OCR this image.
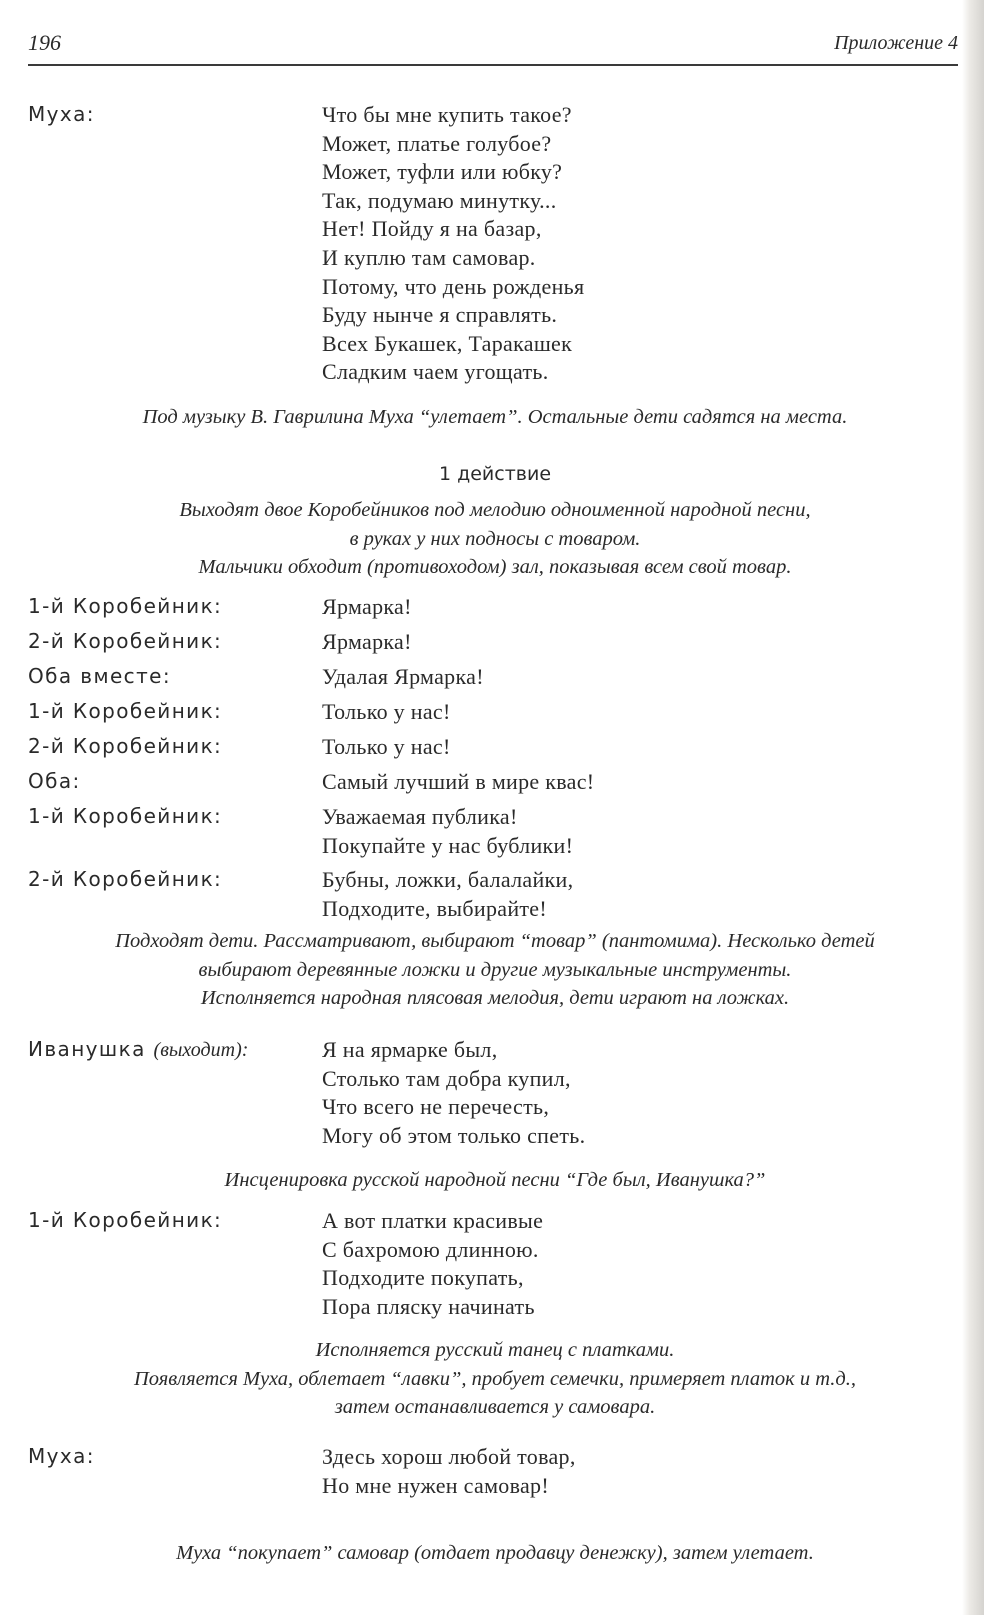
196	Приложение 4
Муха:	Что бы мне купить такое?
Может, платье голубое?
Может, туфли или юбку?
Так, подумаю минутку...
Нет! Пойду я на базар,
И куплю там самовар.
Потому, что день рожденья
Буду нынче я справлять.
Всех Букашек, Таракашек
Сладким чаем угощать.
Под музыку В. Гаврилина Муха “улетает”. Остальные дети садятся на места.
1 действие
Выходят двое Коробейников под мелодию одноименной народной песни,
в руках у них подносы с товаром.
Мальчики обходит (противоходом) зал, показывая всем свой товар.
1-й Коробейник:	Ярмарка!
2-й Коробейник:	Ярмарка!
Оба вместе:	Удалая Ярмарка!
1-й Коробейник:	Только у нас!
2-й Коробейник:	Только у нас!
Оба:	Самый лучший в мире квас!
1-й Коробейник:	Уважаемая публика!
Покупайте у нас бублики!
2-й Коробейник:	Бубны, ложки, балалайки,
Подходите, выбирайте!
Подходят дети. Рассматривают, выбирают “товар” (пантомима). Несколько детей
выбирают деревянные ложки и другие музыкальные инструменты.
Исполняется народная плясовая мелодия, дети играют на ложках.
Иванушка (выходит):	Я на ярмарке был,
Столько там добра купил,
Что всего не перечесть,
Могу об этом только спеть.
Инсценировка русской народной песни “Где был, Иванушка?”
1-й Коробейник:	А вот платки красивые
С бахромою длинною.
Подходите покупать,
Пора пляску начинать
Исполняется русский танец с платками.
Появляется Муха, облетает “лавки”, пробует семечки, примеряет платок и т.д.,
затем останавливается у самовара.
Муха:	Здесь хорош любой товар,
Но мне нужен самовар!
Муха “покупает” самовар (отдает продавцу денежку), затем улетает.
